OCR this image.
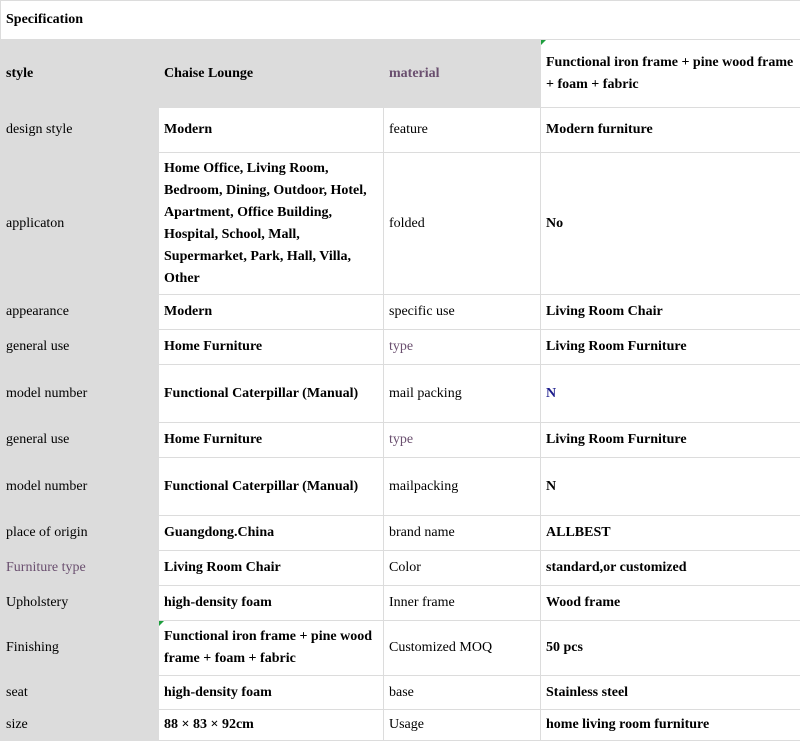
Specification			
style	Chaise Lounge	material	Functional iron frame + pine wood frame + foam + fabric
design style	Modern	feature	Modern furniture
applicaton	Home Office, Living Room, Bedroom, Dining, Outdoor, Hotel, Apartment, Office Building, Hospital, School, Mall, Supermarket, Park, Hall, Villa, Other	folded	No
appearance	Modern	specific use	Living Room Chair
general use	Home Furniture	type	Living Room Furniture
model number	Functional Caterpillar (Manual)	mail packing	N
general use	Home Furniture	type	Living Room Furniture
model number	Functional Caterpillar (Manual)	mailpacking	N
place of origin	Guangdong.China	brand name	ALLBEST
Furniture type	Living Room Chair	Color	standard,or customized
Upholstery	high-density foam	Inner frame	Wood frame
Finishing	Functional iron frame + pine wood frame + foam + fabric	Customized MOQ	50 pcs
seat	high-density foam	base	Stainless steel
size	88 × 83 × 92cm	Usage	home living room furniture
